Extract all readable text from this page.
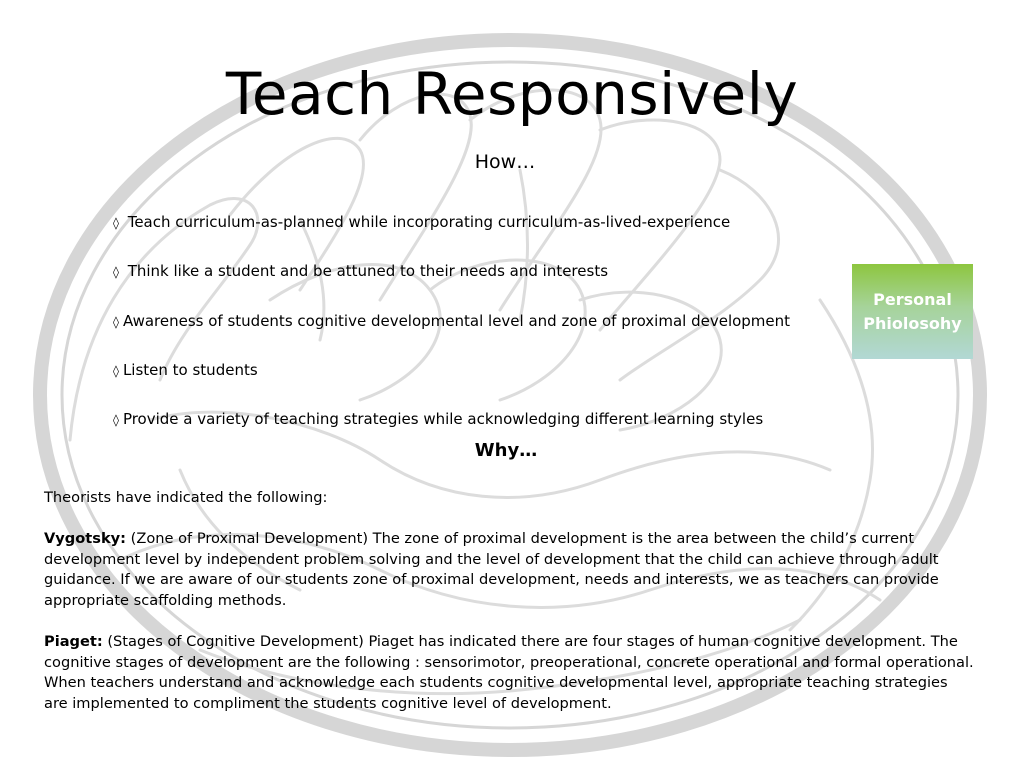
Teach Responsively
How…
◊ Teach curriculum-as-planned while incorporating curriculum-as-lived-experience
◊ Think like a student and be attuned to their needs and interests
◊ Awareness of students cognitive developmental level and zone of proximal development
◊ Listen to students
◊ Provide a variety of teaching strategies while acknowledging different learning styles
Why…

Theorists have indicated the following:

Vygotsky: (Zone of Proximal Development) The zone of proximal development is the area between the child’s current development level by independent problem solving and the level of development that the child can achieve through adult guidance. If we are aware of our students zone of proximal development, needs and interests, we as teachers can provide appropriate scaffolding methods.

Piaget: (Stages of Cognitive Development) Piaget has indicated there are four stages of human cognitive development. The cognitive stages of development are the following : sensorimotor, preoperational, concrete operational and formal operational. When teachers understand and acknowledge each students cognitive developmental level, appropriate teaching strategies are implemented to compliment the students cognitive level of development.

Personal
Phiolosohy
